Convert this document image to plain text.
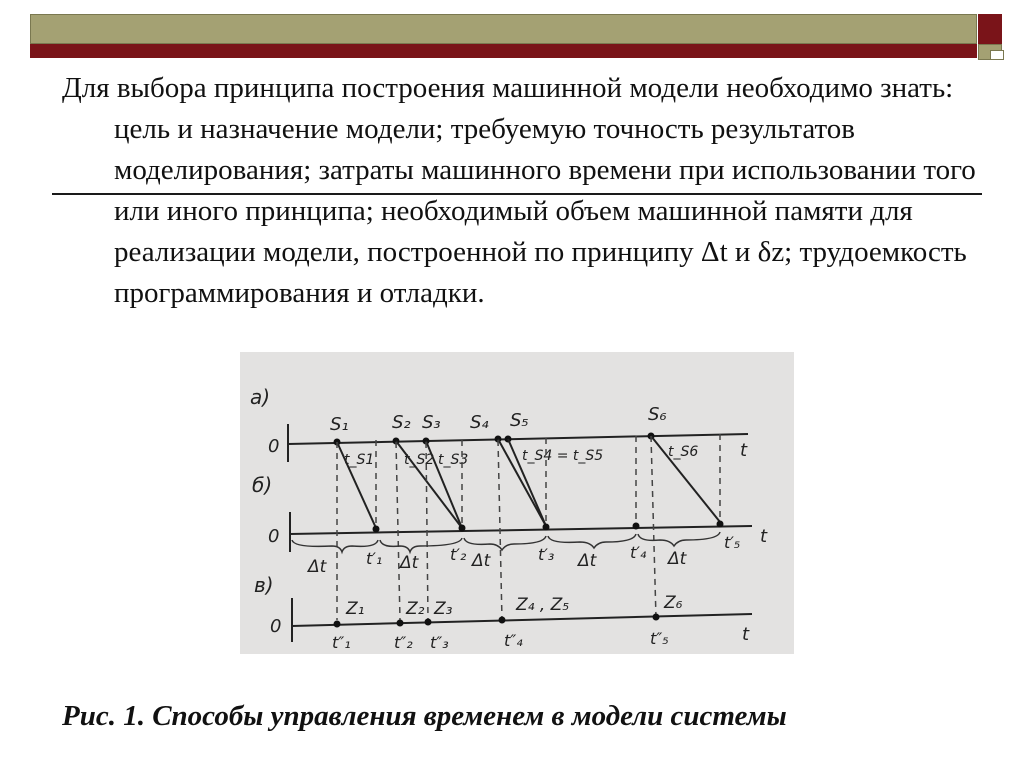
Для выбора принципа построения машинной модели необходимо знать: цель и назначение модели; требуемую точность результатов моделирования; затраты машинного времени при использовании того или иного принципа; необходимый объем машинной памяти для реализации модели, построенной по принципу Δt и δz; трудоемкость программирования и отладки.
а)
б)
в)
0
0
0
t
t
t
S₁ S₂ S₃ S₄ S₅	S₆
t_S1 t_S2 t_S3	t_S4 = t_S5	t_S6
Δt	Δt	Δt	Δt	Δt
t′₁	t′₂	t′₃	t′₄
t′₅
Z₁ Z₂ Z₃	Z₄ , Z₅	Z₆
t″₁	t″₂ t″₃	t″₄	t″₅
Рис. 1. Способы управления временем в модели системы
